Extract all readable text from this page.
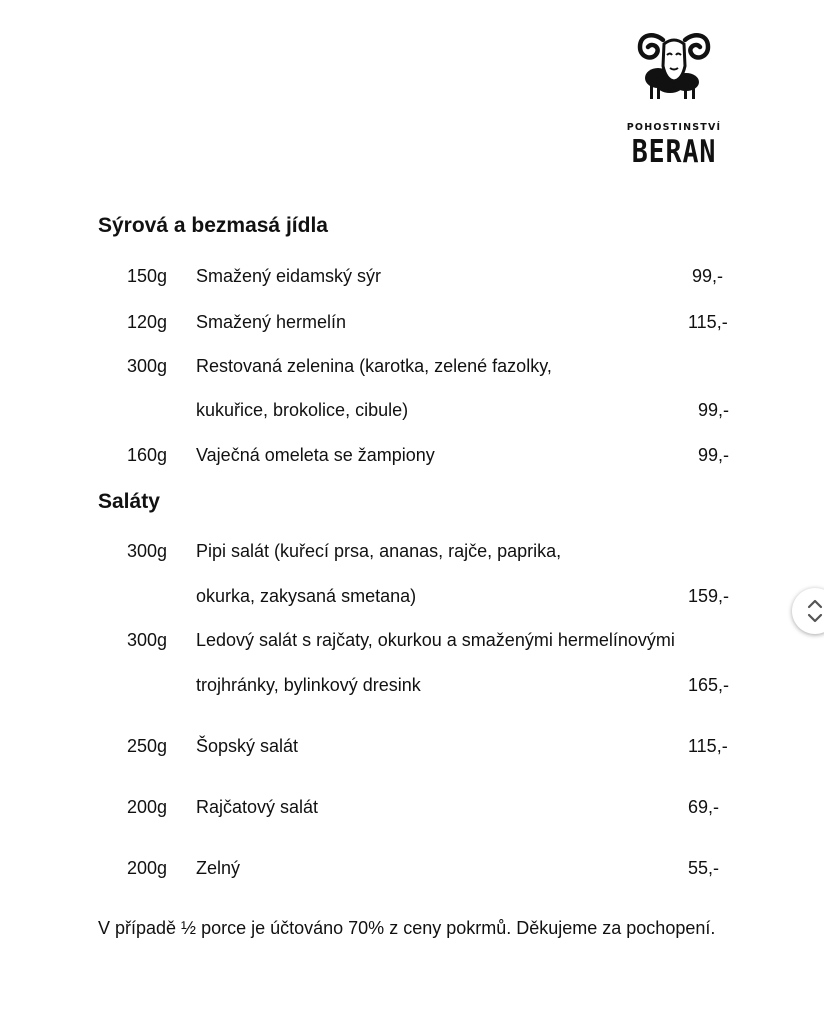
POHOSTINSTVÍ
BERAN
Sýrová a bezmasá jídla
150g Smažený eidamský sýr	99,-
120g Smažený hermelín	115,-
300g Restovaná zelenina (karotka, zelené fazolky,
kukuřice, brokolice, cibule)	99,-
160g Vaječná omeleta se žampiony	99,-
Saláty
300g Pipi salát (kuřecí prsa, ananas, rajče, paprika,
okurka, zakysaná smetana)	159,-
300g Ledový salát s rajčaty, okurkou a smaženými hermelínovými
trojhránky, bylinkový dresink	165,-
250g Šopský salát	115,-
200g Rajčatový salát	69,-
200g Zelný	55,-
V případě ½ porce je účtováno 70% z ceny pokrmů. Děkujeme za pochopení.
